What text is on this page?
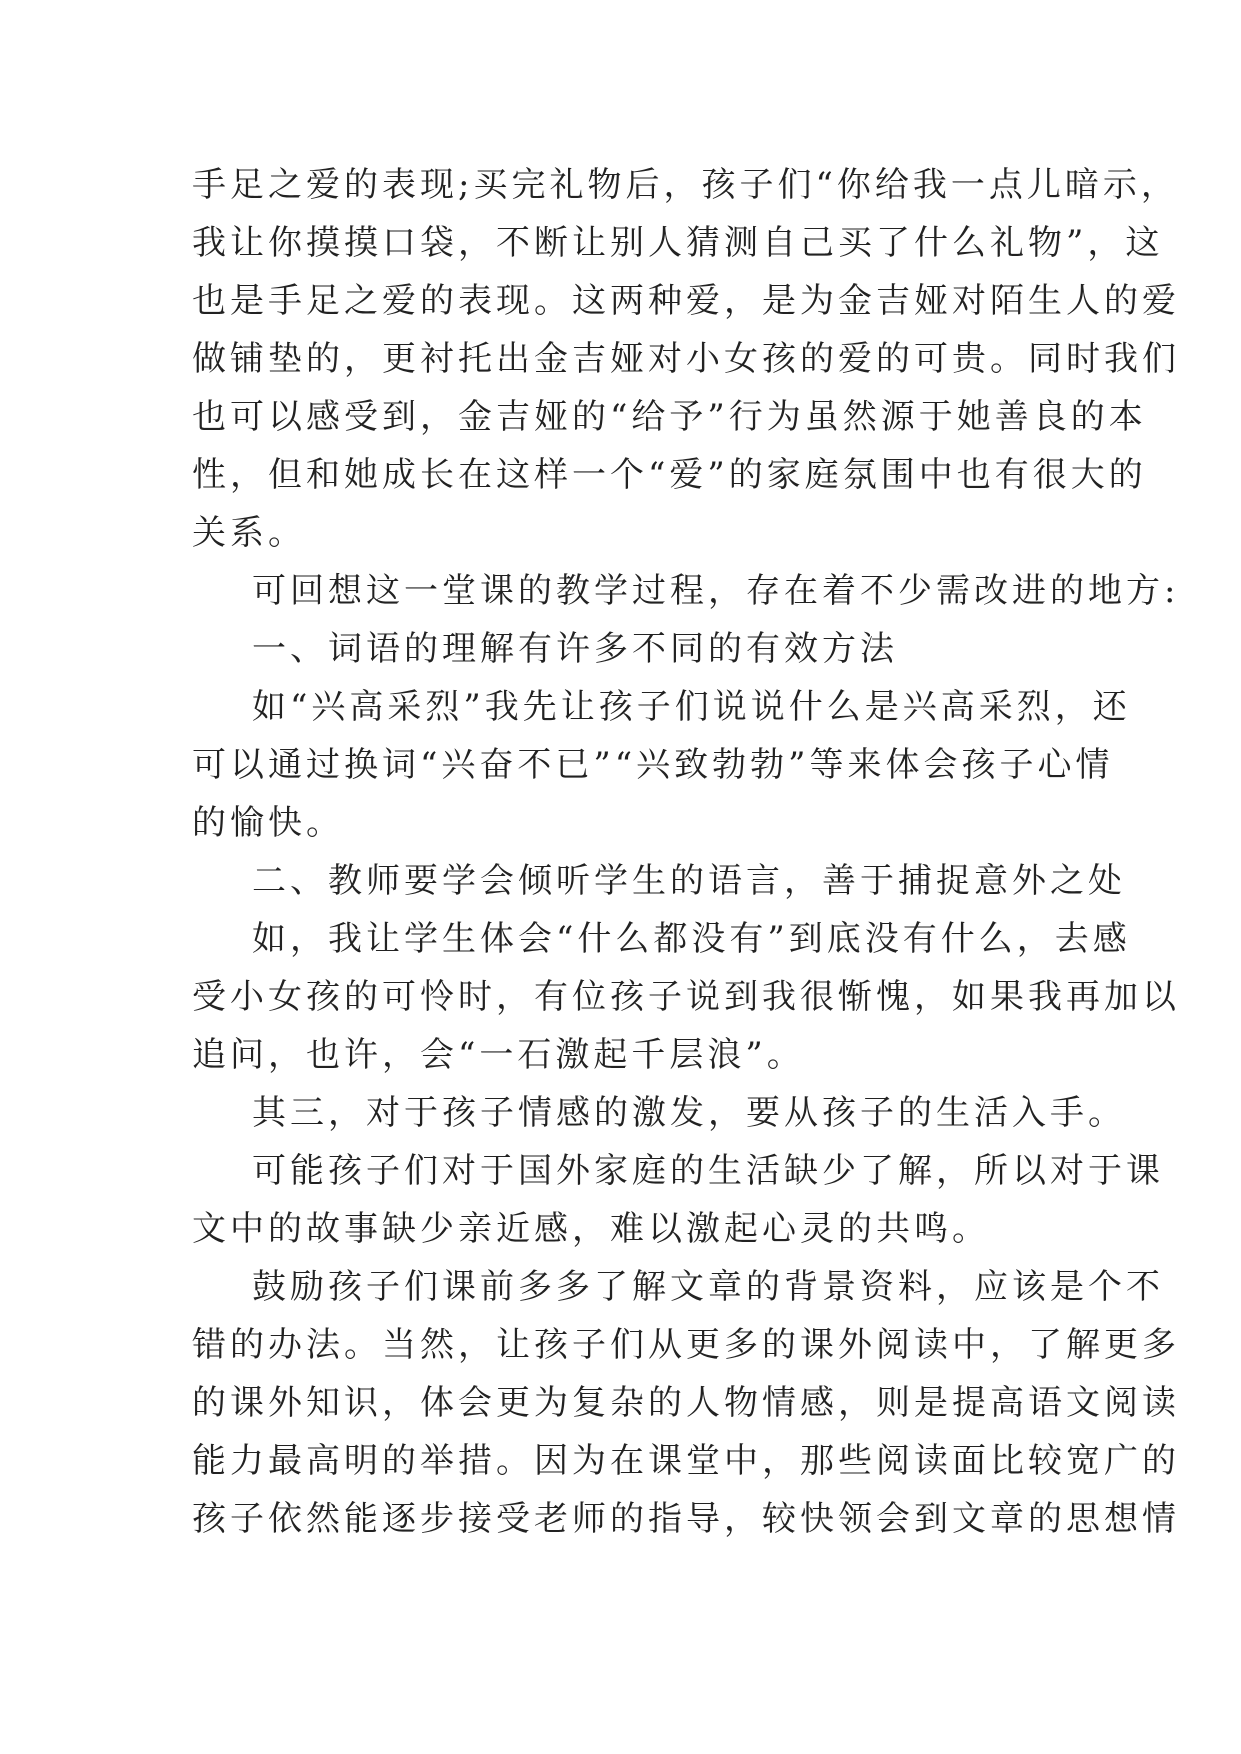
手足之爱的表现;买完礼物后，孩子们“你给我一点儿暗示，
我让你摸摸口袋，不断让别人猜测自己买了什么礼物”，这
也是手足之爱的表现。这两种爱，是为金吉娅对陌生人的爱
做铺垫的，更衬托出金吉娅对小女孩的爱的可贵。同时我们
也可以感受到，金吉娅的“给予”行为虽然源于她善良的本
性，但和她成长在这样一个“爱”的家庭氛围中也有很大的
关系。
可回想这一堂课的教学过程，存在着不少需改进的地方:
一、词语的理解有许多不同的有效方法
如“兴高采烈”我先让孩子们说说什么是兴高采烈，还
可以通过换词“兴奋不已”“兴致勃勃”等来体会孩子心情
的愉快。
二、教师要学会倾听学生的语言，善于捕捉意外之处
如，我让学生体会“什么都没有”到底没有什么，去感
受小女孩的可怜时，有位孩子说到我很惭愧，如果我再加以
追问，也许，会“一石激起千层浪”。
其三，对于孩子情感的激发，要从孩子的生活入手。
可能孩子们对于国外家庭的生活缺少了解，所以对于课
文中的故事缺少亲近感，难以激起心灵的共鸣。
鼓励孩子们课前多多了解文章的背景资料，应该是个不
错的办法。当然，让孩子们从更多的课外阅读中，了解更多
的课外知识，体会更为复杂的人物情感，则是提高语文阅读
能力最高明的举措。因为在课堂中，那些阅读面比较宽广的
孩子依然能逐步接受老师的指导，较快领会到文章的思想情
